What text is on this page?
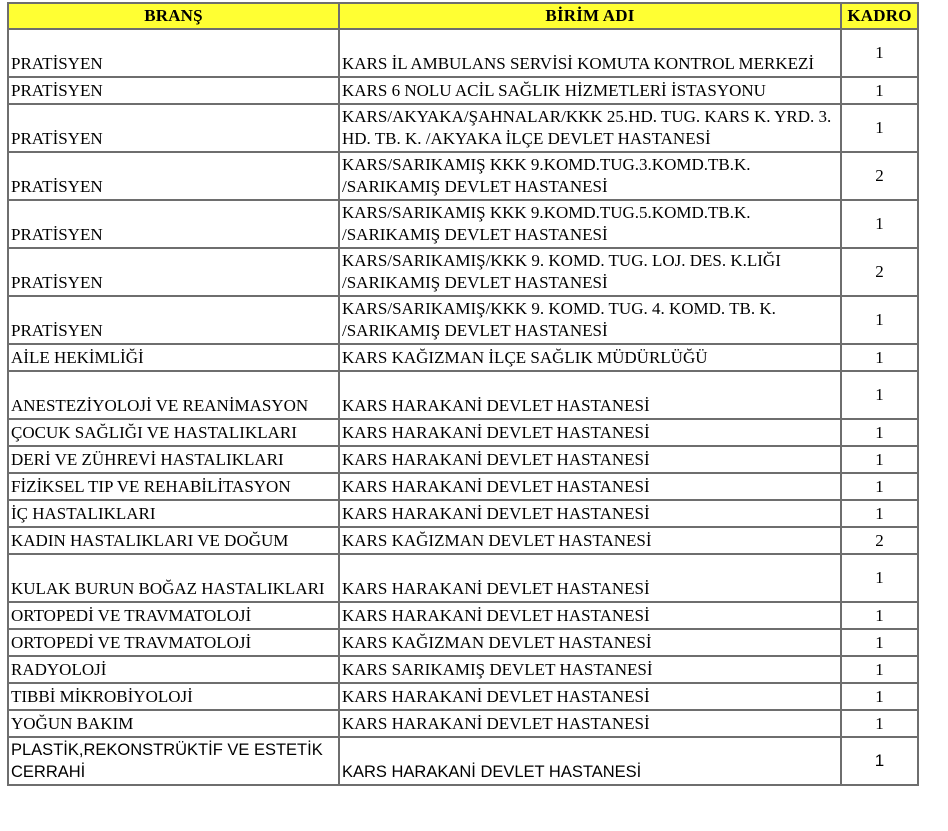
BRANŞ	BİRİM ADI	KADRO
PRATİSYEN	KARS İL AMBULANS SERVİSİ KOMUTA KONTROL MERKEZİ	1
PRATİSYEN	KARS 6 NOLU ACİL SAĞLIK HİZMETLERİ İSTASYONU	1
PRATİSYEN	KARS/AKYAKA/ŞAHNALAR/KKK 25.HD. TUG. KARS K. YRD. 3. HD. TB. K. /AKYAKA İLÇE DEVLET HASTANESİ	1
PRATİSYEN	KARS/SARIKAMIŞ KKK 9.KOMD.TUG.3.KOMD.TB.K. /SARIKAMIŞ DEVLET HASTANESİ	2
PRATİSYEN	KARS/SARIKAMIŞ KKK 9.KOMD.TUG.5.KOMD.TB.K. /SARIKAMIŞ DEVLET HASTANESİ	1
PRATİSYEN	KARS/SARIKAMIŞ/KKK 9. KOMD. TUG. LOJ. DES. K.LIĞI /SARIKAMIŞ DEVLET HASTANESİ	2
PRATİSYEN	KARS/SARIKAMIŞ/KKK 9. KOMD. TUG. 4. KOMD. TB. K. /SARIKAMIŞ DEVLET HASTANESİ	1
AİLE HEKİMLİĞİ	KARS KAĞIZMAN İLÇE SAĞLIK MÜDÜRLÜĞÜ	1
ANESTEZİYOLOJİ VE REANİMASYON	KARS HARAKANİ DEVLET HASTANESİ	1
ÇOCUK SAĞLIĞI VE HASTALIKLARI	KARS HARAKANİ DEVLET HASTANESİ	1
DERİ VE ZÜHREVİ HASTALIKLARI	KARS HARAKANİ DEVLET HASTANESİ	1
FİZİKSEL TIP VE REHABİLİTASYON	KARS HARAKANİ DEVLET HASTANESİ	1
İÇ HASTALIKLARI	KARS HARAKANİ DEVLET HASTANESİ	1
KADIN HASTALIKLARI VE DOĞUM	KARS KAĞIZMAN DEVLET HASTANESİ	2
KULAK BURUN BOĞAZ HASTALIKLARI	KARS HARAKANİ DEVLET HASTANESİ	1
ORTOPEDİ VE TRAVMATOLOJİ	KARS HARAKANİ DEVLET HASTANESİ	1
ORTOPEDİ VE TRAVMATOLOJİ	KARS KAĞIZMAN DEVLET HASTANESİ	1
RADYOLOJİ	KARS SARIKAMIŞ DEVLET HASTANESİ	1
TIBBİ MİKROBİYOLOJİ	KARS HARAKANİ DEVLET HASTANESİ	1
YOĞUN BAKIM	KARS HARAKANİ DEVLET HASTANESİ	1
PLASTİK,REKONSTRÜKTİF VE ESTETİK CERRAHİ	KARS HARAKANİ DEVLET HASTANESİ	1
